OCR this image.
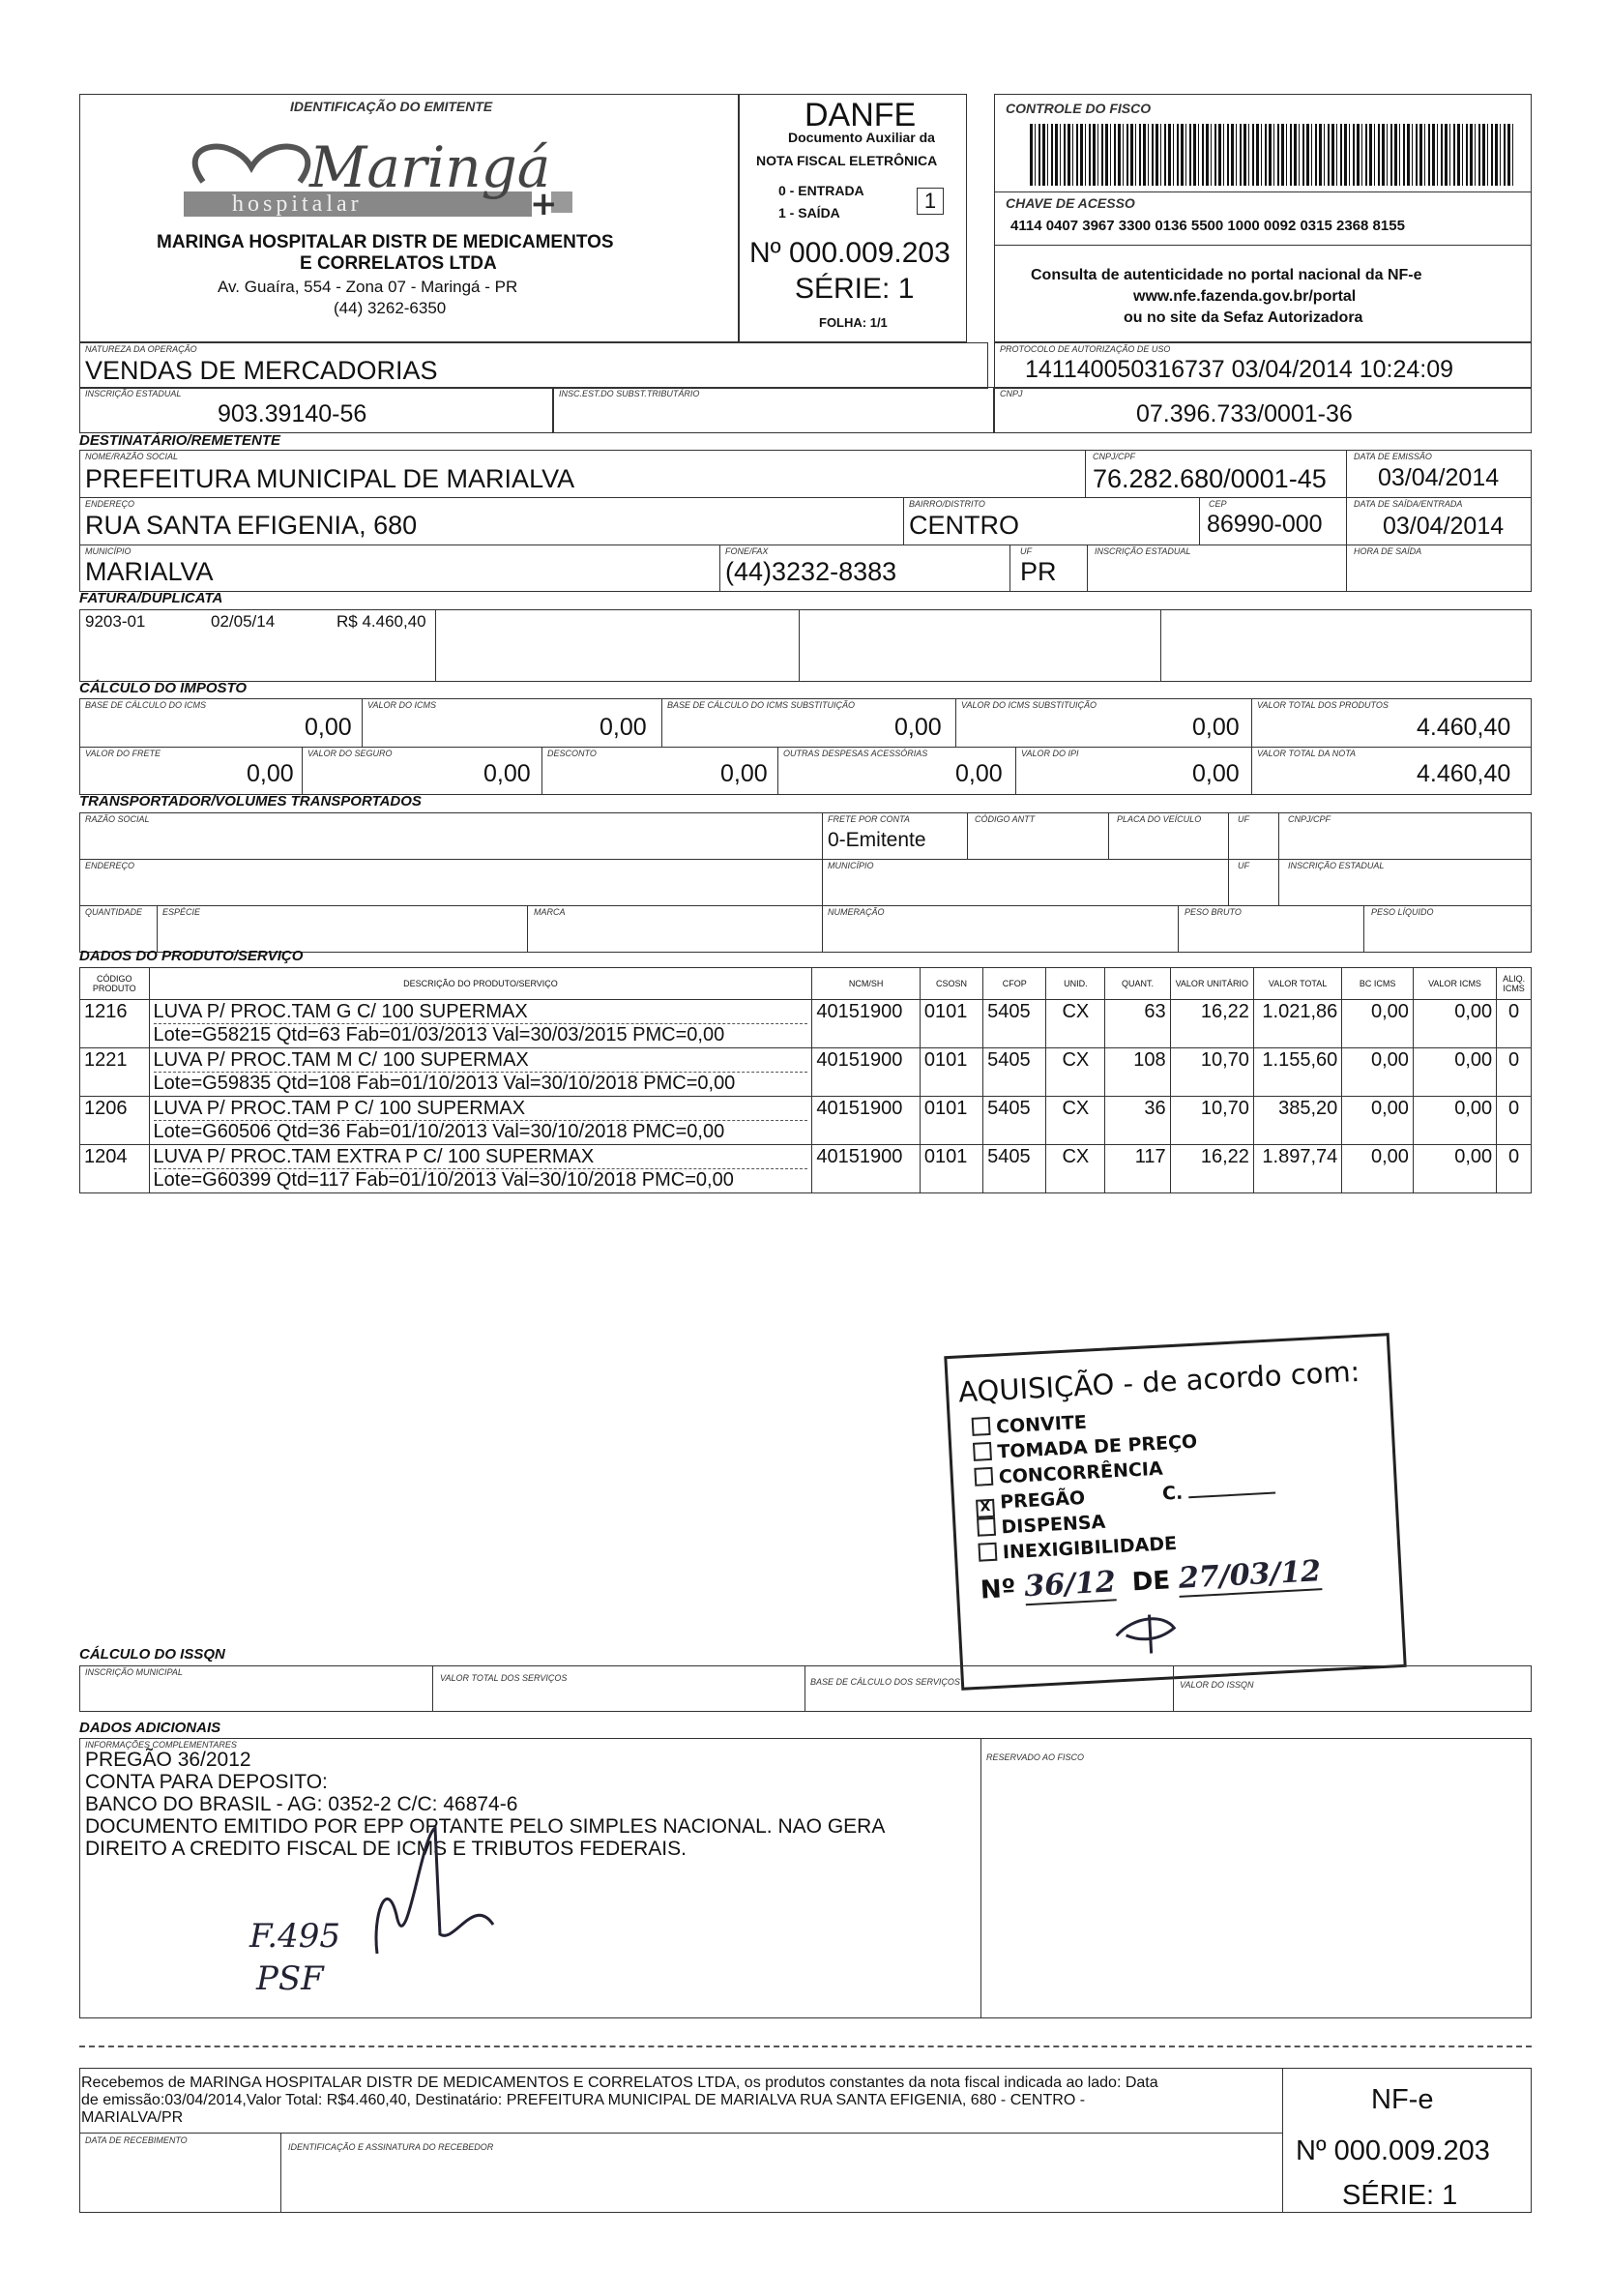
IDENTIFICAÇÃO DO EMITENTE
hospitalar
Maringá
+
MARINGA HOSPITALAR DISTR DE MEDICAMENTOS
E CORRELATOS LTDA
Av. Guaíra, 554 - Zona 07 - Maringá - PR
(44) 3262-6350
DANFE
Documento Auxiliar da
NOTA FISCAL ELETRÔNICA
0 - ENTRADA
1 - SAÍDA	1
Nº 000.009.203
SÉRIE: 1
FOLHA: 1/1
CONTROLE DO FISCO
CHAVE DE ACESSO
4114 0407 3967 3300 0136 5500 1000 0092 0315 2368 8155
Consulta de autenticidade no portal nacional da NF-e
www.nfe.fazenda.gov.br/portal
ou no site da Sefaz Autorizadora
NATUREZA DA OPERAÇÃO
VENDAS DE MERCADORIAS
PROTOCOLO DE AUTORIZAÇÃO DE USO
141140050316737 03/04/2014 10:24:09
INSCRIÇÃO ESTADUAL
903.39140-56
INSC.EST.DO SUBST.TRIBUTÁRIO	CNPJ
07.396.733/0001-36
DESTINATÁRIO/REMETENTE
NOME/RAZÃO SOCIAL
PREFEITURA MUNICIPAL DE MARIALVA
CNPJ/CPF
76.282.680/0001-45
DATA DE EMISSÃO
03/04/2014
ENDEREÇO
RUA SANTA EFIGENIA, 680
BAIRRO/DISTRITO
CENTRO
CEP
86990-000
DATA DE SAÍDA/ENTRADA
03/04/2014
MUNICÍPIO
MARIALVA
FONE/FAX
(44)3232-8383
UF
PR
INSCRIÇÃO ESTADUAL	HORA DE SAÍDA
FATURA/DUPLICATA
9203-01	02/05/14	R$ 4.460,40
CÁLCULO DO IMPOSTO
BASE DE CÁLCULO DO ICMS
0,00
VALOR DO ICMS
0,00
BASE DE CÁLCULO DO ICMS SUBSTITUIÇÃO
0,00
VALOR DO ICMS SUBSTITUIÇÃO
0,00
VALOR TOTAL DOS PRODUTOS
4.460,40
VALOR DO FRETE
0,00
VALOR DO SEGURO
0,00
DESCONTO
0,00
OUTRAS DESPESAS ACESSÓRIAS
0,00
VALOR DO IPI
0,00
VALOR TOTAL DA NOTA
4.460,40
TRANSPORTADOR/VOLUMES TRANSPORTADOS
RAZÃO SOCIAL	FRETE POR CONTA
0-Emitente
CÓDIGO ANTT	PLACA DO VEÍCULO	UF	CNPJ/CPF
ENDEREÇO	MUNICÍPIO	UF	INSCRIÇÃO ESTADUAL
QUANTIDADE ESPÉCIE	MARCA	NUMERAÇÃO	PESO BRUTO	PESO LÍQUIDO
DADOS DO PRODUTO/SERVIÇO
CÓDIGO PRODUTO	DESCRIÇÃO DO PRODUTO/SERVIÇO	NCM/SH	CSOSN	CFOP	UNID.	QUANT.	VALOR UNITÁRIO	VALOR TOTAL	BC ICMS	VALOR ICMS	ALIQ. ICMS
1216	LUVA P/ PROC.TAM G C/ 100 SUPERMAX
Lote=G58215 Qtd=63 Fab=01/03/2013 Val=30/03/2015 PMC=0,00	40151900	0101	5405	CX	63	16,22	1.021,86	0,00	0,00	0
1221	LUVA P/ PROC.TAM M C/ 100 SUPERMAX
Lote=G59835 Qtd=108 Fab=01/10/2013 Val=30/10/2018 PMC=0,00	40151900	0101	5405	CX	108	10,70	1.155,60	0,00	0,00	0
1206	LUVA P/ PROC.TAM P C/ 100 SUPERMAX
Lote=G60506 Qtd=36 Fab=01/10/2013 Val=30/10/2018 PMC=0,00	40151900	0101	5405	CX	36	10,70	385,20	0,00	0,00	0
1204	LUVA P/ PROC.TAM EXTRA P C/ 100 SUPERMAX
Lote=G60399 Qtd=117 Fab=01/10/2013 Val=30/10/2018 PMC=0,00	40151900	0101	5405	CX	117	16,22	1.897,74	0,00	0,00	0
AQUISIÇÃO - de acordo com:
CONVITE
TOMADA DE PREÇO
CONCORRÊNCIA
X PREGÃO	C.
DISPENSA
INEXIGIBILIDADE
Nº 36/12 DE 27/03/12
CÁLCULO DO ISSQN
INSCRIÇÃO MUNICIPAL
VALOR TOTAL DOS SERVIÇOS	BASE DE CÁLCULO DOS SERVIÇOS	VALOR DO ISSQN
DADOS ADICIONAIS
INFORMAÇÕES COMPLEMENTARES
PREGÃO 36/2012
CONTA PARA DEPOSITO:
BANCO DO BRASIL - AG: 0352-2 C/C: 46874-6
DOCUMENTO EMITIDO POR EPP OPTANTE PELO SIMPLES NACIONAL. NAO GERA
DIREITO A CREDITO FISCAL DE ICMS E TRIBUTOS FEDERAIS.
RESERVADO AO FISCO
F.495
PSF
Recebemos de MARINGA HOSPITALAR DISTR DE MEDICAMENTOS E CORRELATOS LTDA, os produtos constantes da nota fiscal indicada ao lado: Data
de emissão:03/04/2014,Valor Total: R$4.460,40, Destinatário: PREFEITURA MUNICIPAL DE MARIALVA RUA SANTA EFIGENIA, 680 - CENTRO -
MARIALVA/PR
DATA DE RECEBIMENTO
IDENTIFICAÇÃO E ASSINATURA DO RECEBEDOR
NF-e
Nº 000.009.203
SÉRIE: 1
